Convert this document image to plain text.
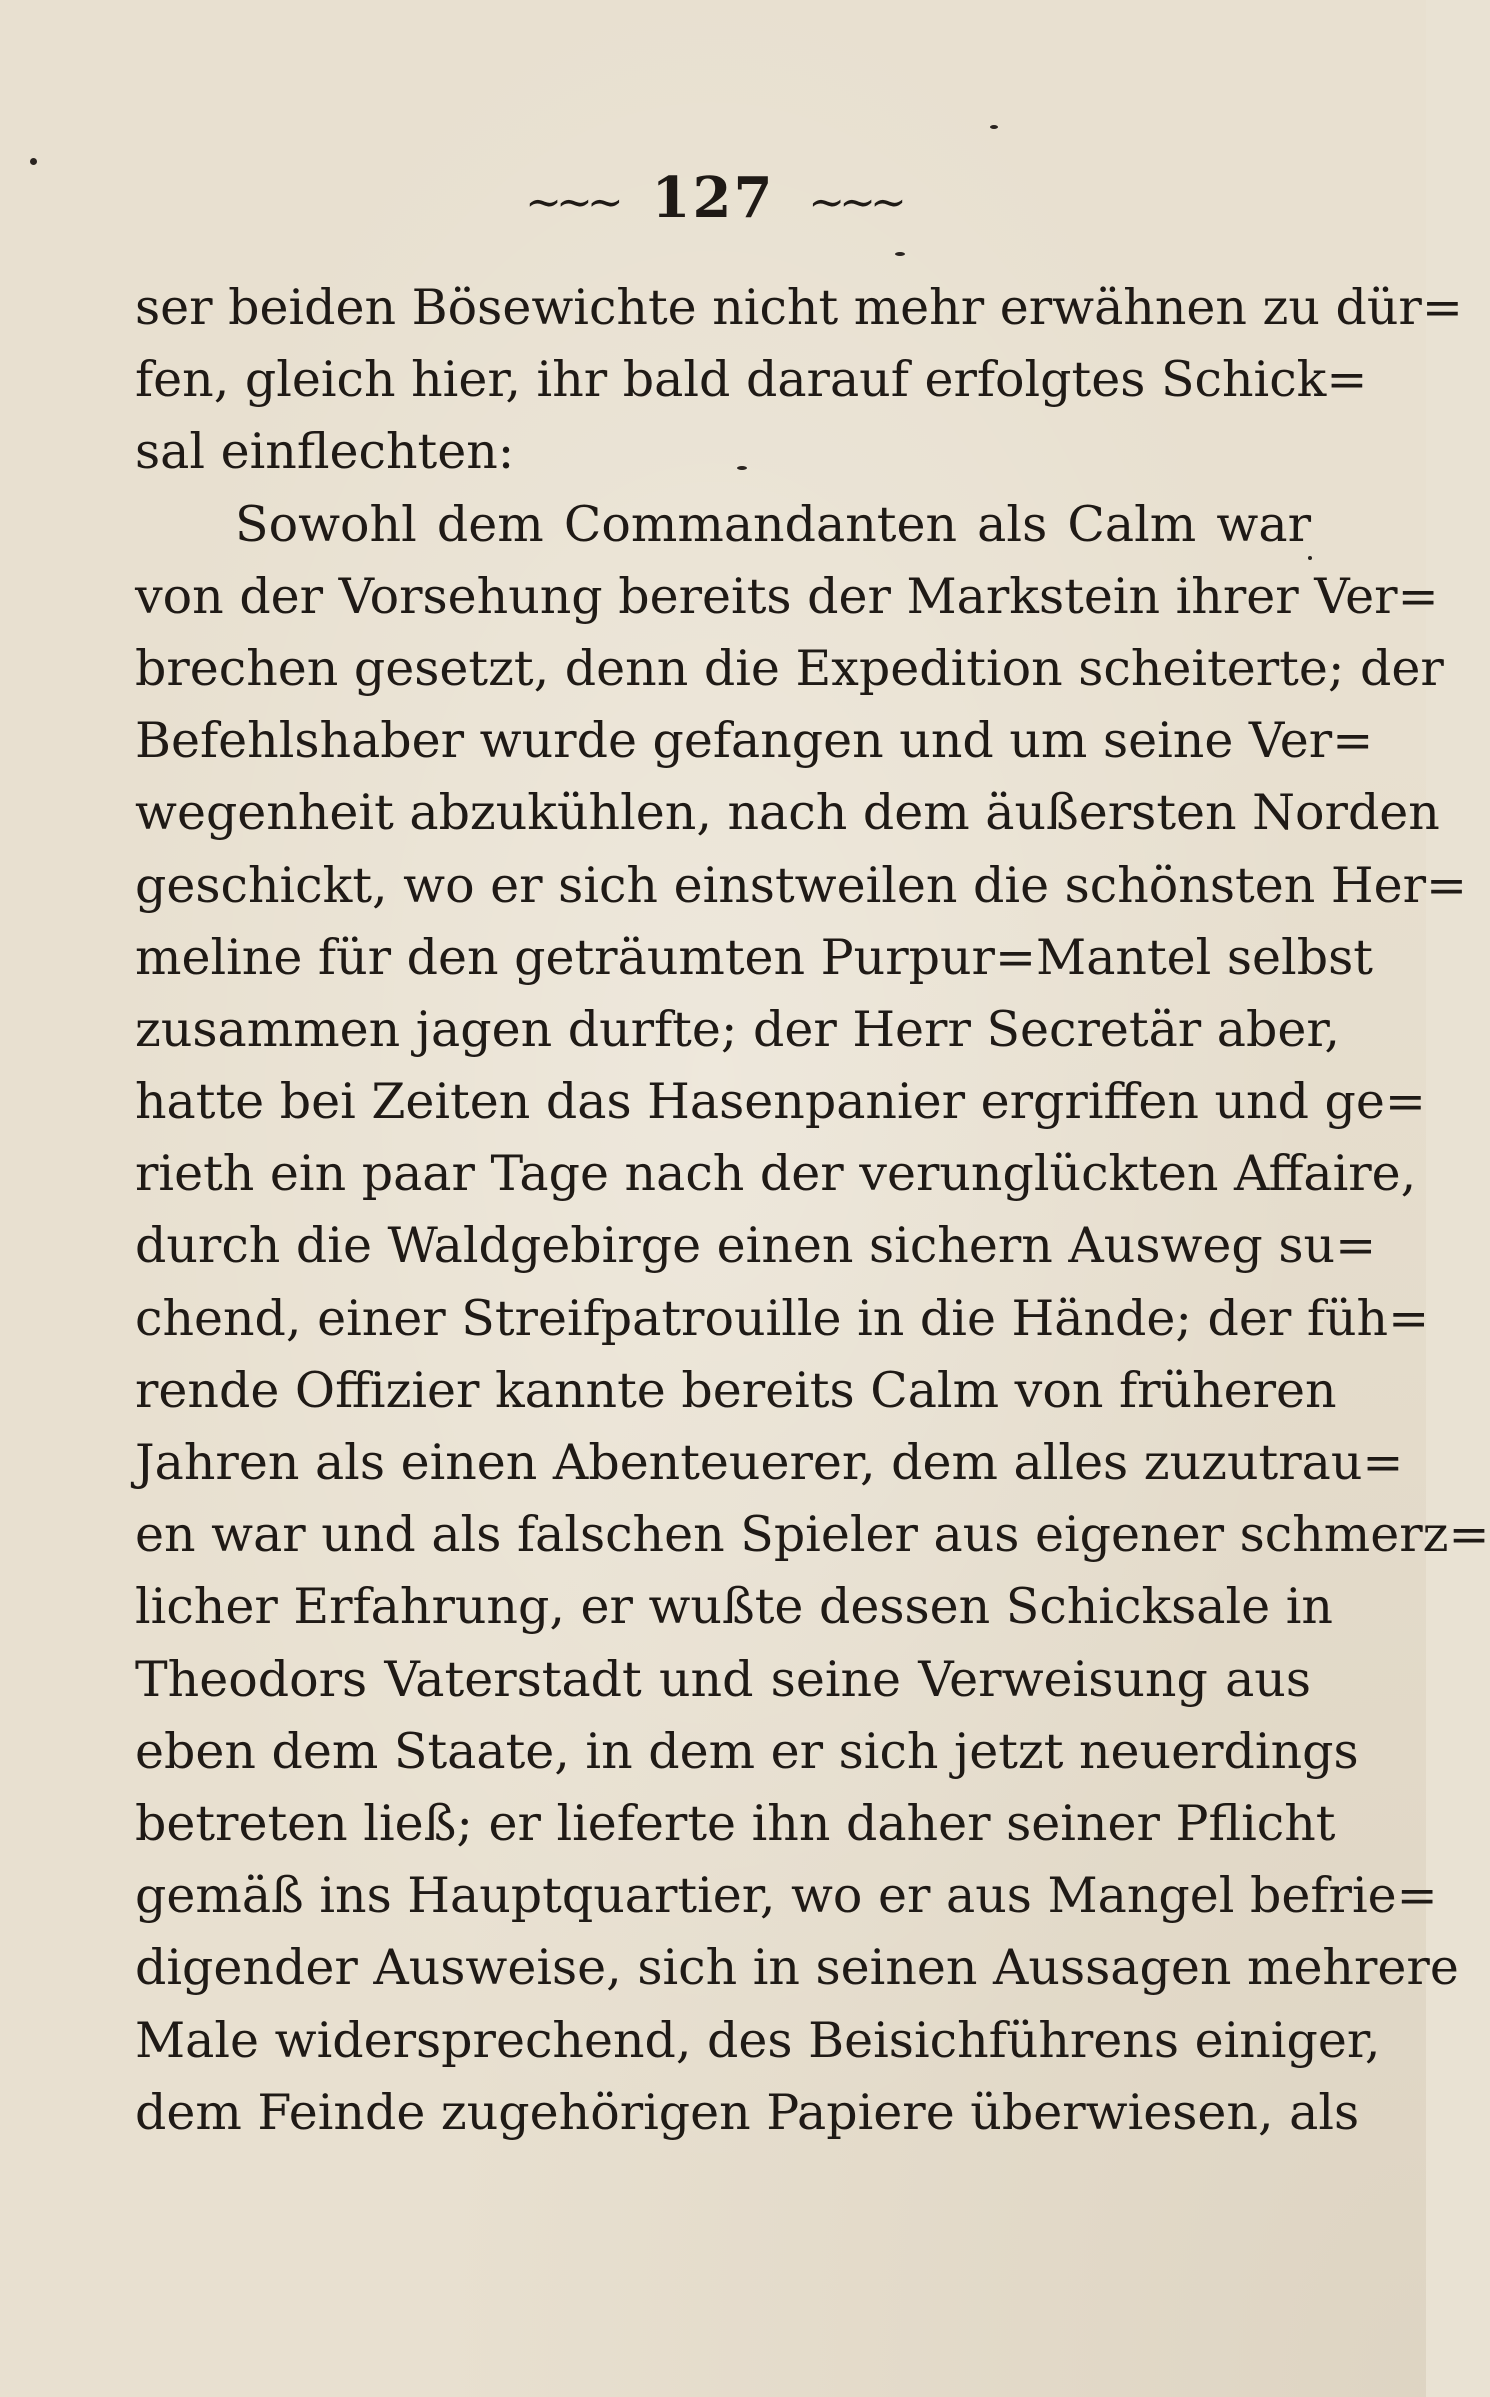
~~~ 127 ~~~
ser beiden Bösewichte nicht mehr erwähnen zu dür=
fen, gleich hier, ihr bald darauf erfolgtes Schick=
sal einflechten:
Sowohl dem Commandanten als Calm war
von der Vorsehung bereits der Markstein ihrer Ver=
brechen gesetzt, denn die Expedition scheiterte; der
Befehlshaber wurde gefangen und um seine Ver=
wegenheit abzukühlen, nach dem äußersten Norden
geschickt, wo er sich einstweilen die schönsten Her=
meline für den geträumten Purpur=Mantel selbst
zusammen jagen durfte; der Herr Secretär aber,
hatte bei Zeiten das Hasenpanier ergriffen und ge=
rieth ein paar Tage nach der verunglückten Affaire,
durch die Waldgebirge einen sichern Ausweg su=
chend, einer Streifpatrouille in die Hände; der füh=
rende Offizier kannte bereits Calm von früheren
Jahren als einen Abenteuerer, dem alles zuzutrau=
en war und als falschen Spieler aus eigener schmerz=
licher Erfahrung, er wußte dessen Schicksale in
Theodors Vaterstadt und seine Verweisung aus
eben dem Staate, in dem er sich jetzt neuerdings
betreten ließ; er lieferte ihn daher seiner Pflicht
gemäß ins Hauptquartier, wo er aus Mangel befrie=
digender Ausweise, sich in seinen Aussagen mehrere
Male widersprechend, des Beisichführens einiger,
dem Feinde zugehörigen Papiere überwiesen, als
